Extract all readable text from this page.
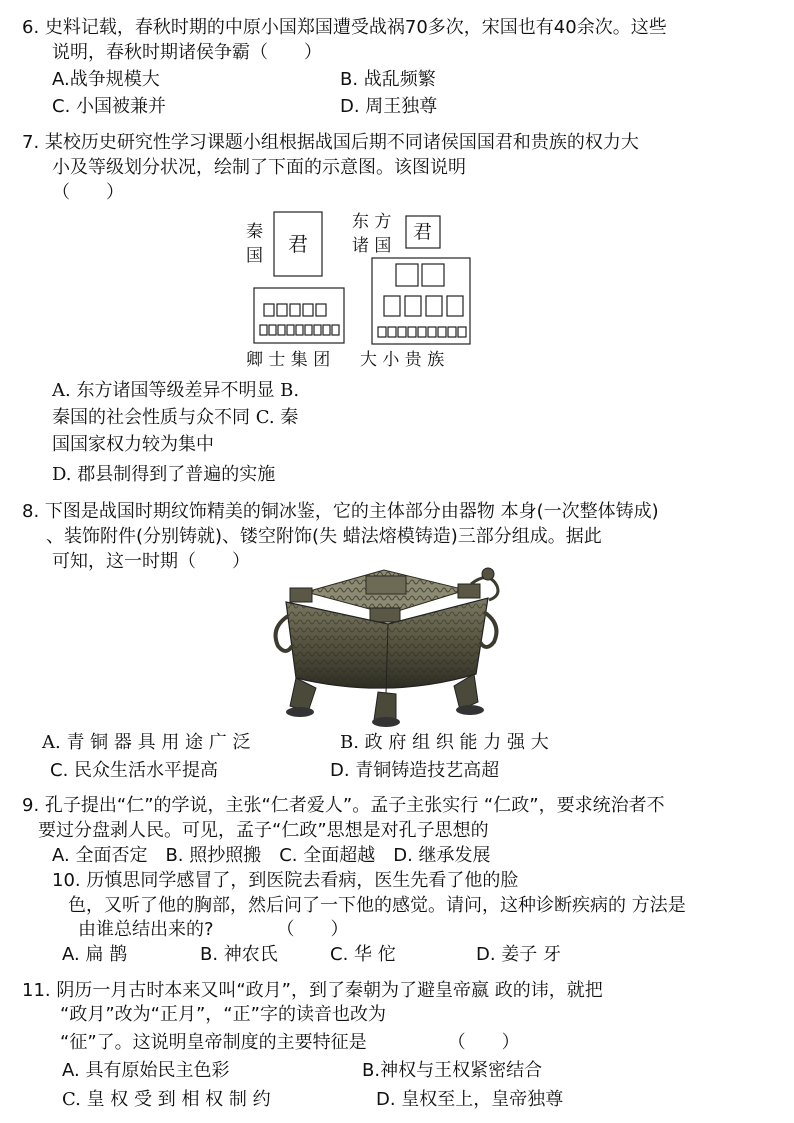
6. 史料记载，春秋时期的中原小国郑国遭受战祸70多次，宋国也有40余次。这些
说明，春秋时期诸侯争霸（　　）
A.战争规模大	B. 战乱频繁
C. 小国被兼并	D. 周王独尊
7. 某校历史研究性学习课题小组根据战国后期不同诸侯国国君和贵族的权力大
小及等级划分状况，绘制了下面的示意图。该图说明
（　　）
秦
国 君
东 方
诸 国
君
卿 士 集 团 大 小 贵 族
A. 东方诸国等级差异不明显 B.
秦国的社会性质与众不同 C. 秦
国国家权力较为集中
D. 郡县制得到了普遍的实施
8. 下图是战国时期纹饰精美的铜冰鉴，它的主体部分由器物 本身(一次整体铸成)
、装饰附件(分别铸就)、镂空附饰(失 蜡法熔模铸造)三部分组成。据此
可知，这一时期（　　）
A. 青 铜 器 具 用 途 广 泛	B. 政 府 组 织 能 力 强 大
C. 民众生活水平提高	D. 青铜铸造技艺高超
9. 孔子提出“仁”的学说，主张“仁者爱人”。孟子主张实行 “仁政”，要求统治者不
要过分盘剥人民。可见，孟子“仁政”思想是对孔子思想的
A. 全面否定　B. 照抄照搬　C. 全面超越　D. 继承发展
10. 历慎思同学感冒了，到医院去看病，医生先看了他的脸
色，又听了他的胸部，然后问了一下他的感觉。请问，这种诊断疾病的 方法是
由谁总结出来的?　　　　（　　）
A. 扁 鹊	B. 神农氏	C. 华 佗	D. 姜子 牙
11. 阴历一月古时本来又叫“政月”，到了秦朝为了避皇帝嬴 政的讳，就把
“政月”改为“正月”，“正”字的读音也改为
“征”了。这说明皇帝制度的主要特征是　　　　　（　　）
A. 具有原始民主色彩	B.神权与王权紧密结合
C. 皇 权 受 到 相 权 制 约	D. 皇权至上，皇帝独尊
